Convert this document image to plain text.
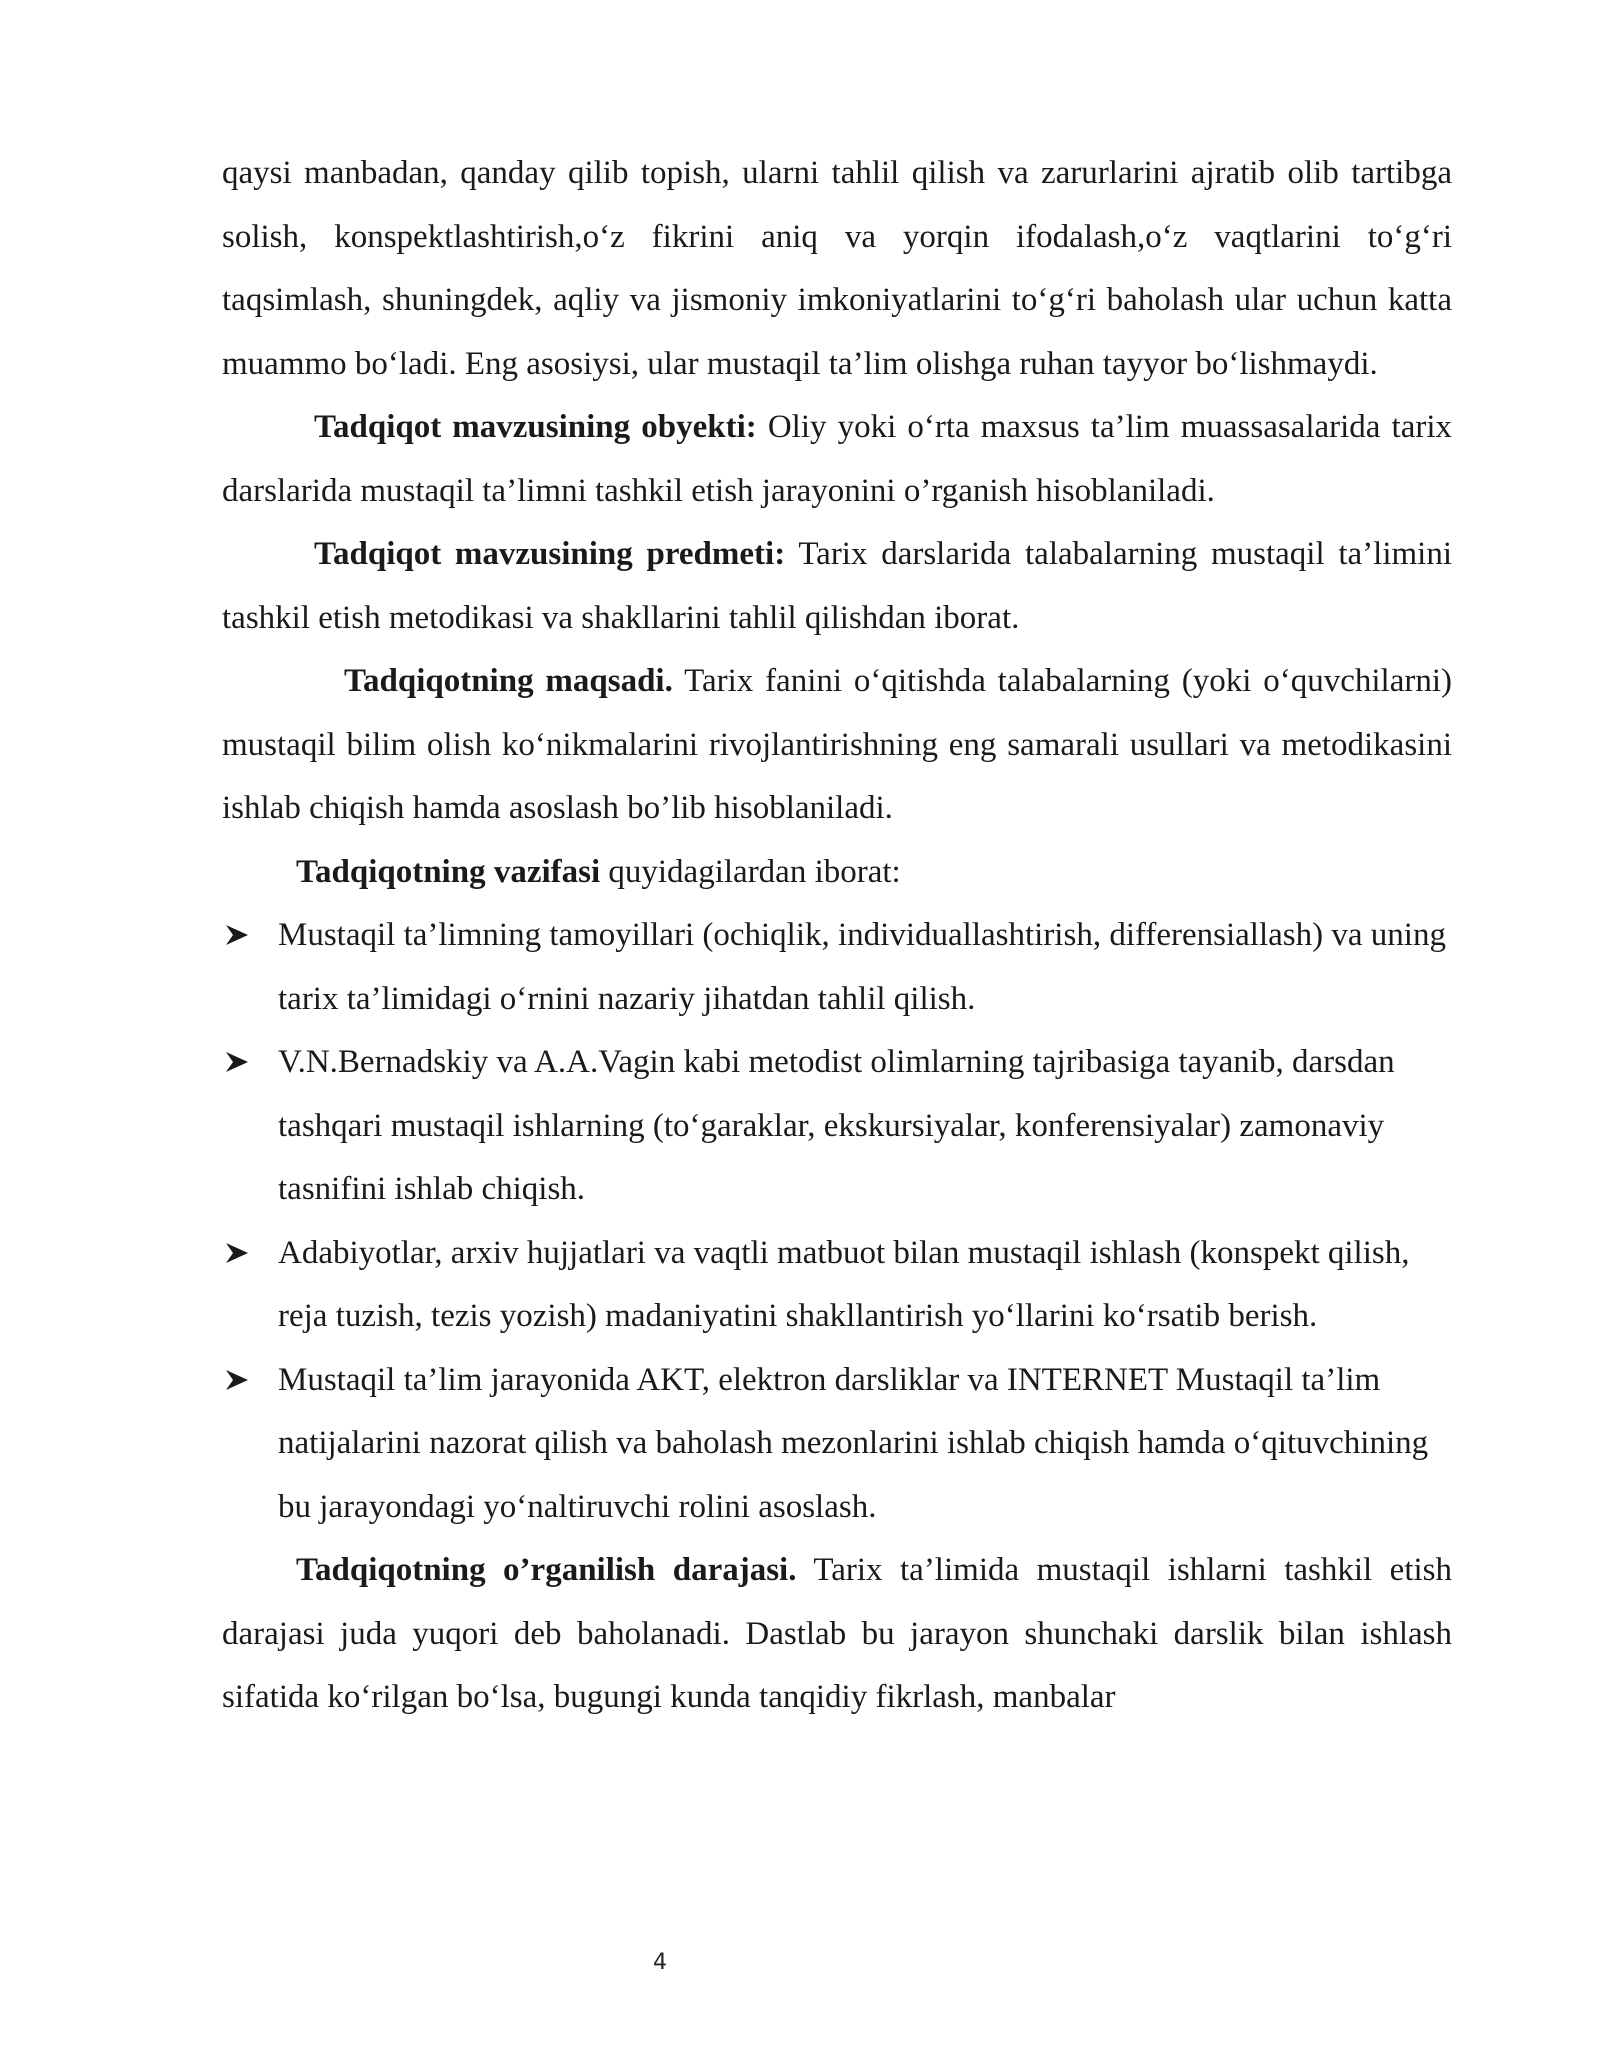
qaysi manbadan, qanday qilib topish, ularni tahlil qilish va zarurlarini ajratib olib tartibga solish, konspektlashtirish,o‘z fikrini aniq va yorqin ifodalash,o‘z vaqtlarini to‘g‘ri taqsimlash, shuningdek, aqliy va jismoniy imkoniyatlarini to‘g‘ri baholash ular uchun katta muammo bo‘ladi. Eng asosiysi, ular mustaqil ta’lim olishga ruhan tayyor bo‘lishmaydi.

Tadqiqot mavzusining obyekti: Oliy yoki o‘rta maxsus ta’lim muassasalarida tarix darslarida mustaqil ta’limni tashkil etish jarayonini o’rganish hisoblaniladi.

Tadqiqot mavzusining predmeti: Tarix darslarida talabalarning mustaqil ta’limini tashkil etish metodikasi va shakllarini tahlil qilishdan iborat.

Tadqiqotning maqsadi. Tarix fanini o‘qitishda talabalarning (yoki o‘quvchilarni) mustaqil bilim olish ko‘nikmalarini rivojlantirishning eng samarali usullari va metodikasini ishlab chiqish hamda asoslash bo’lib hisoblaniladi.

Tadqiqotning vazifasi quyidagilardan iborat:

Mustaqil ta’limning tamoyillari (ochiqlik, individuallashtirish, differensiallash) va uning tarix ta’limidagi o‘rnini nazariy jihatdan tahlil qilish.
V.N.Bernadskiy va A.A.Vagin kabi metodist olimlarning tajribasiga tayanib, darsdan tashqari mustaqil ishlarning (to‘garaklar, ekskursiyalar, konferensiyalar) zamonaviy tasnifini ishlab chiqish.
Adabiyotlar, arxiv hujjatlari va vaqtli matbuot bilan mustaqil ishlash (konspekt qilish, reja tuzish, tezis yozish) madaniyatini shakllantirish yo‘llarini ko‘rsatib berish.
Mustaqil ta’lim jarayonida AKT, elektron darsliklar va INTERNET Mustaqil ta’lim natijalarini nazorat qilish va baholash mezonlarini ishlab chiqish hamda o‘qituvchining bu jarayondagi yo‘naltiruvchi rolini asoslash.

Tadqiqotning o’rganilish darajasi. Tarix ta’limida mustaqil ishlarni tashkil etish darajasi juda yuqori deb baholanadi. Dastlab bu jarayon shunchaki darslik bilan ishlash sifatida ko‘rilgan bo‘lsa, bugungi kunda tanqidiy fikrlash, manbalar

4
